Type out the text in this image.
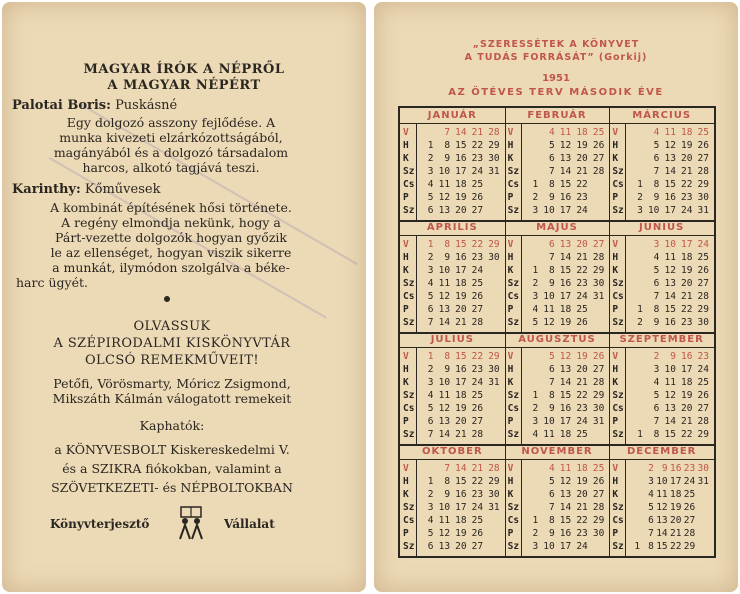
MAGYAR ÍRÓK A NÉPRŐL
A MAGYAR NÉPÉRT
Palotai Boris: Puskásné
Egy dolgozó asszony fejlődése. A
munka kivezeti elzárkózottságából,
magányából és a dolgozó társadalom
harcos, alkotó tagjává teszi.
Karinthy: Kőművesek
A kombinát építésének hősi története.
A regény elmondja nekünk, hogy a
Párt-vezette dolgozók hogyan győzik
le az ellenséget, hogyan viszik sikerre
a munkát, ilymódon szolgálva a béke-
harc ügyét.
OLVASSUK
A SZÉPIRODALMI KISKÖNYVTÁR
OLCSÓ REMEKMŰVEIT!
Petőfi, Vörösmarty, Móricz Zsigmond,
Mikszáth Kálmán válogatott remekeit
Kaphatók:
a KÖNYVESBOLT Kiskereskedelmi V.
és a SZIKRA fiókokban, valamint a
SZÖVETKEZETI- és NÉPBOLTOKBAN
Könyvterjesztő	Vállalat
„SZERESSÉTEK A KÖNYVET
A TUDÁS FORRÁSÁT” (Gorkij)
1951
AZ ÖTÉVES TERV MÁSODIK ÉVE
JANUÁR
V	7 14 21 28
H	1	8 15 22 29
K	2	9 16 23 30
Sz	3 10 17 24 31
Cs	4 11 18 25
P	5 12 19 26
Sz	6 13 20 27
FEBRUÁR
V	4 11 18 25
H	5 12 19 26
K	6 13 20 27
Sz	7 14 21 28
Cs	1	8 15 22
P	2	9 16 23
Sz	3 10 17 24
MÁRCIUS
V	4 11 18 25
H	5 12 19 26
K	6 13 20 27
Sz	7 14 21 28
Cs	1	8 15 22 29
P	2	9 16 23 30
Sz	3 10 17 24 31
ÁPRILIS
V	1	8 15 22 29
H	2	9 16 23 30
K	3 10 17 24
Sz	4 11 18 25
Cs	5 12 19 26
P	6 13 20 27
Sz	7 14 21 28
MÁJUS
V	6 13 20 27
H	7 14 21 28
K	1	8 15 22 29
Sz	2	9 16 23 30
Cs	3 10 17 24 31
P	4 11 18 25
Sz	5 12 19 26
JÚNIUS
V	3 10 17 24
H	4 11 18 25
K	5 12 19 26
Sz	6 13 20 27
Cs	7 14 21 28
P	1	8 15 22 29
Sz	2	9 16 23 30
JÚLIUS
V	1	8 15 22 29
H	2	9 16 23 30
K	3 10 17 24 31
Sz	4 11 18 25
Cs	5 12 19 26
P	6 13 20 27
Sz	7 14 21 28
AUGUSZTUS
V	5 12 19 26
H	6 13 20 27
K	7 14 21 28
Sz	1	8 15 22 29
Cs	2	9 16 23 30
P	3 10 17 24 31
Sz	4 11 18 25
SZEPTEMBER
V	2	9 16 23
H	3 10 17 24
K	4 11 18 25
Sz	5 12 19 26
Cs	6 13 20 27
P	7 14 21 28
Sz	1	8 15 22 29
OKTÓBER
V	7 14 21 28
H	1	8 15 22 29
K	2	9 16 23 30
Sz	3 10 17 24 31
Cs	4 11 18 25
P	5 12 19 26
Sz	6 13 20 27
NOVEMBER
V	4 11 18 25
H	5 12 19 26
K	6 13 20 27
Sz	7 14 21 28
Cs	1	8 15 22 29
P	2	9 16 23 30
Sz	3 10 17 24
DECEMBER
V	2 9 16 23 30
H	3 10 17 24 31
K	4 11 18 25
Sz	5 12 19 26
Cs	6 13 20 27
P	7 14 21 28
Sz	1 8 15 22 29
